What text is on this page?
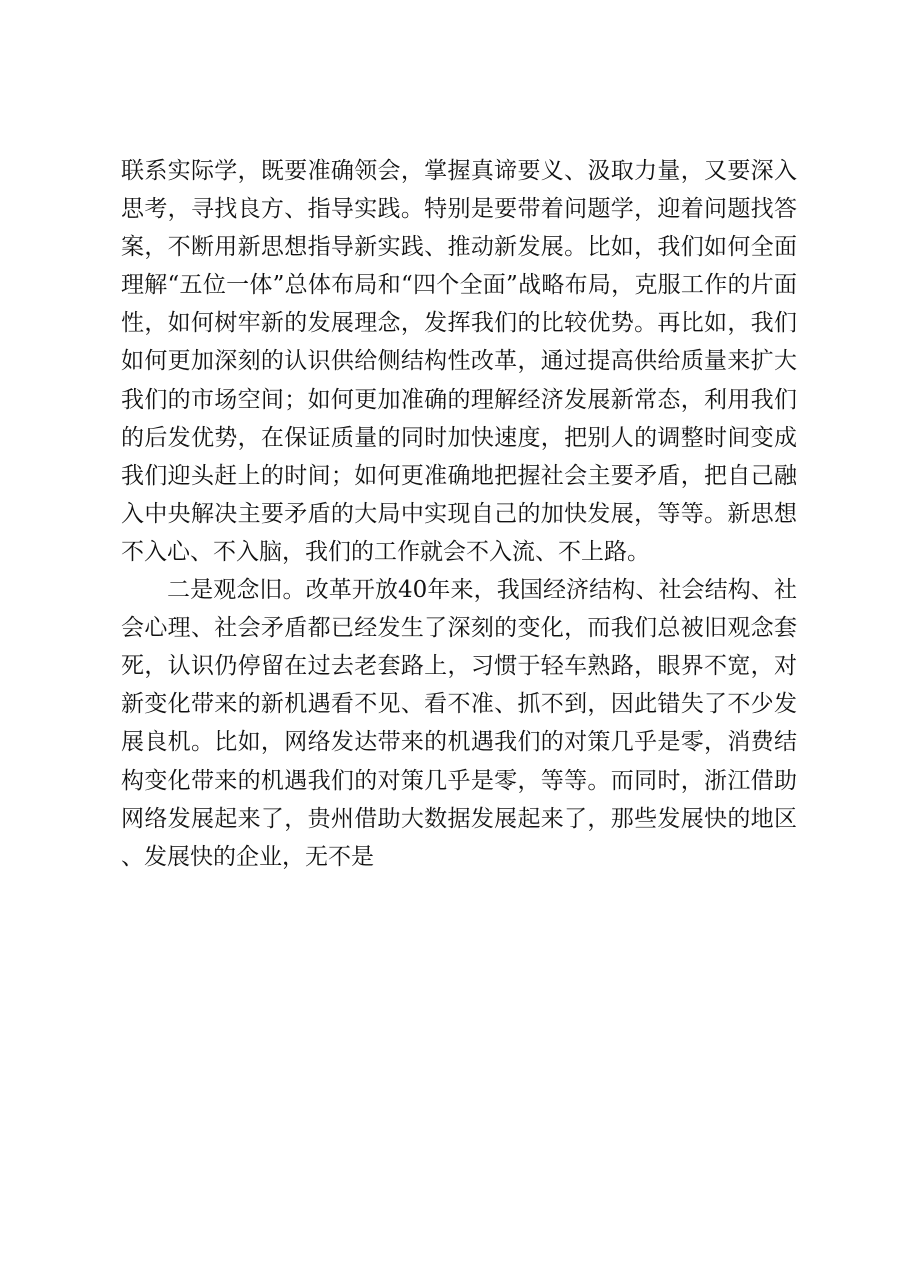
联系实际学，既要准确领会，掌握真谛要义、汲取力量，又要深入思考，寻找良方、指导实践。特别是要带着问题学，迎着问题找答案，不断用新思想指导新实践、推动新发展。比如，我们如何全面理解“五位一体”总体布局和“四个全面”战略布局，克服工作的片面性，如何树牢新的发展理念，发挥我们的比较优势。再比如，我们如何更加深刻的认识供给侧结构性改革，通过提高供给质量来扩大我们的市场空间；如何更加准确的理解经济发展新常态，利用我们的后发优势，在保证质量的同时加快速度，把别人的调整时间变成我们迎头赶上的时间；如何更准确地把握社会主要矛盾，把自己融入中央解决主要矛盾的大局中实现自己的加快发展，等等。新思想不入心、不入脑，我们的工作就会不入流、不上路。

二是观念旧。改革开放40年来，我国经济结构、社会结构、社会心理、社会矛盾都已经发生了深刻的变化，而我们总被旧观念套死，认识仍停留在过去老套路上，习惯于轻车熟路，眼界不宽，对新变化带来的新机遇看不见、看不准、抓不到，因此错失了不少发展良机。比如，网络发达带来的机遇我们的对策几乎是零，消费结构变化带来的机遇我们的对策几乎是零，等等。而同时，浙江借助网络发展起来了，贵州借助大数据发展起来了，那些发展快的地区、发展快的企业，无不是
